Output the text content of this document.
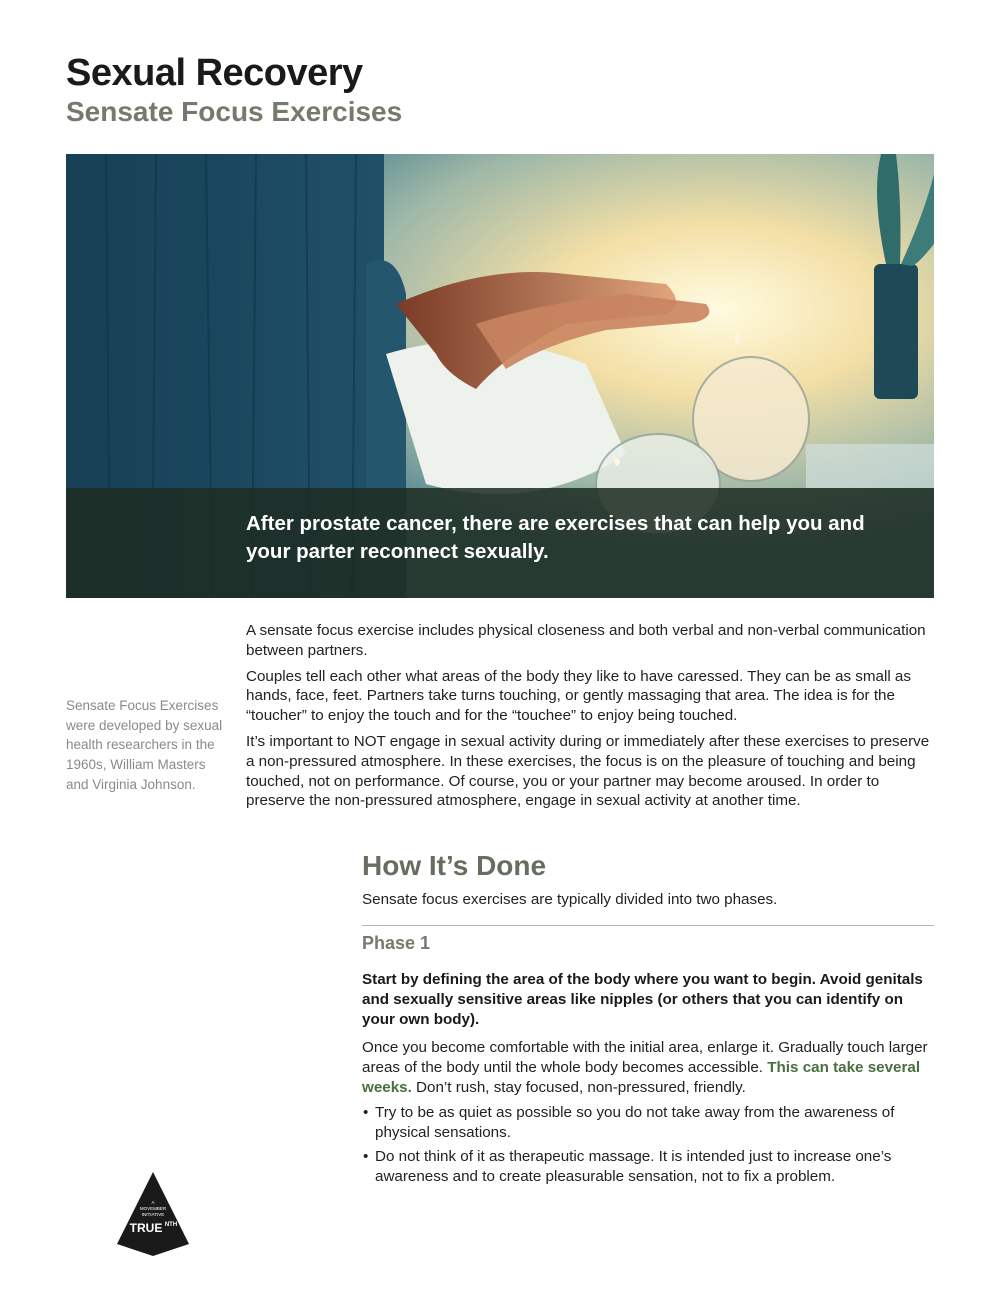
Sexual Recovery
Sensate Focus Exercises

After prostate cancer, there are exercises that can help you and your parter reconnect sexually.

Sensate Focus Exercises were developed by sexual health researchers in the 1960s, William Masters and Virginia Johnson.

A sensate focus exercise includes physical closeness and both verbal and non-verbal communication between partners.

Couples tell each other what areas of the body they like to have caressed. They can be as small as hands, face, feet. Partners take turns touching, or gently massaging that area. The idea is for the “toucher” to enjoy the touch and for the “touchee” to enjoy being touched.

It’s important to NOT engage in sexual activity during or immediately after these exercises to preserve a non-pressured atmosphere. In these exercises, the focus is on the pleasure of touching and being touched, not on performance. Of course, you or your partner may become aroused. In order to preserve the non-pressured atmosphere, engage in sexual activity at another time.

How It’s Done

Sensate focus exercises are typically divided into two phases.

Phase 1

Start by defining the area of the body where you want to begin. Avoid genitals and sexually sensitive areas like nipples (or others that you can identify on your own body).

Once you become comfortable with the initial area, enlarge it. Gradually touch larger areas of the body until the whole body becomes accessible. This can take several weeks. Don’t rush, stay focused, non-pressured, friendly.

• Try to be as quiet as possible so you do not take away from the awareness of physical sensations.
• Do not think of it as therapeutic massage. It is intended just to increase one’s awareness and to create pleasurable sensation, not to fix a problem.
A
MOVEMBER
INITIATIVE
TRUE NTH
